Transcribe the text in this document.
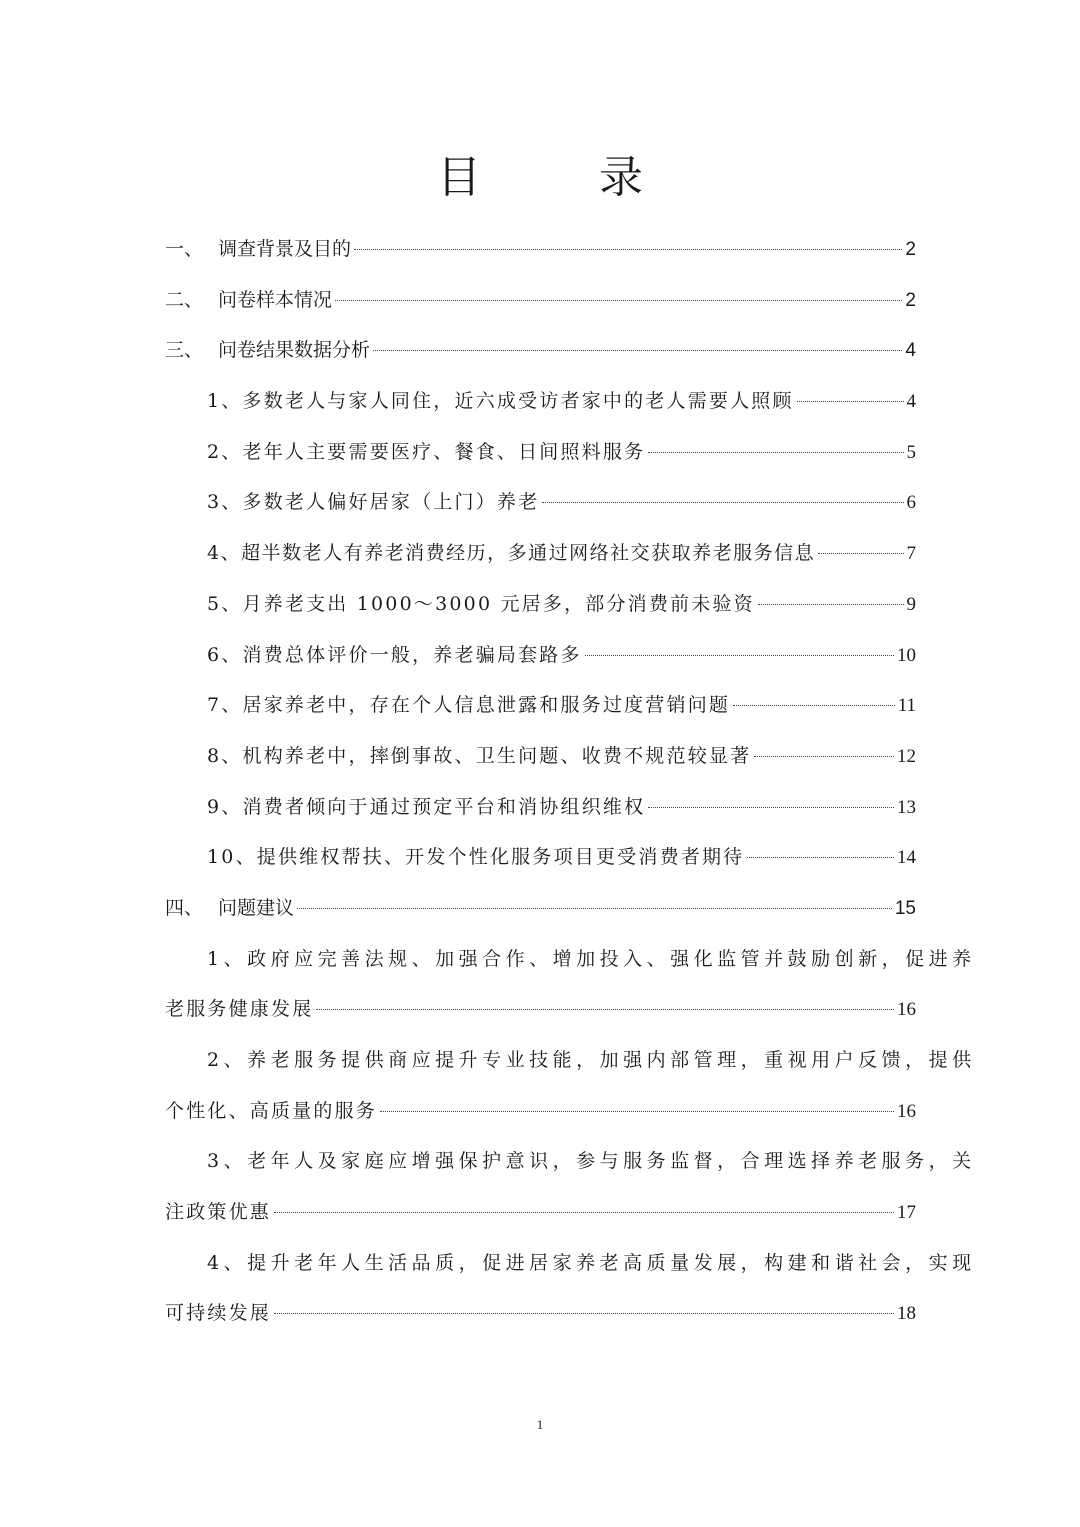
目 录
一、 调查背景及目的	2
二、 问卷样本情况	2
三、 问卷结果数据分析	4
1、多数老人与家人同住，近六成受访者家中的老人需要人照顾	4
2、老年人主要需要医疗、餐食、日间照料服务	5
3、多数老人偏好居家（上门）养老	6
4、超半数老人有养老消费经历，多通过网络社交获取养老服务信息	7
5、月养老支出 1000～3000 元居多，部分消费前未验资	9
6、消费总体评价一般，养老骗局套路多	10
7、居家养老中，存在个人信息泄露和服务过度营销问题	11
8、机构养老中，摔倒事故、卫生问题、收费不规范较显著	12
9、消费者倾向于通过预定平台和消协组织维权	13
10、提供维权帮扶、开发个性化服务项目更受消费者期待	14
四、 问题建议	15
1、政府应完善法规、加强合作、增加投入、强化监管并鼓励创新，促进养
老服务健康发展	16
2、养老服务提供商应提升专业技能，加强内部管理，重视用户反馈，提供
个性化、高质量的服务	16
3、老年人及家庭应增强保护意识，参与服务监督，合理选择养老服务，关
注政策优惠	17
4、提升老年人生活品质，促进居家养老高质量发展，构建和谐社会，实现
可持续发展	18
1
